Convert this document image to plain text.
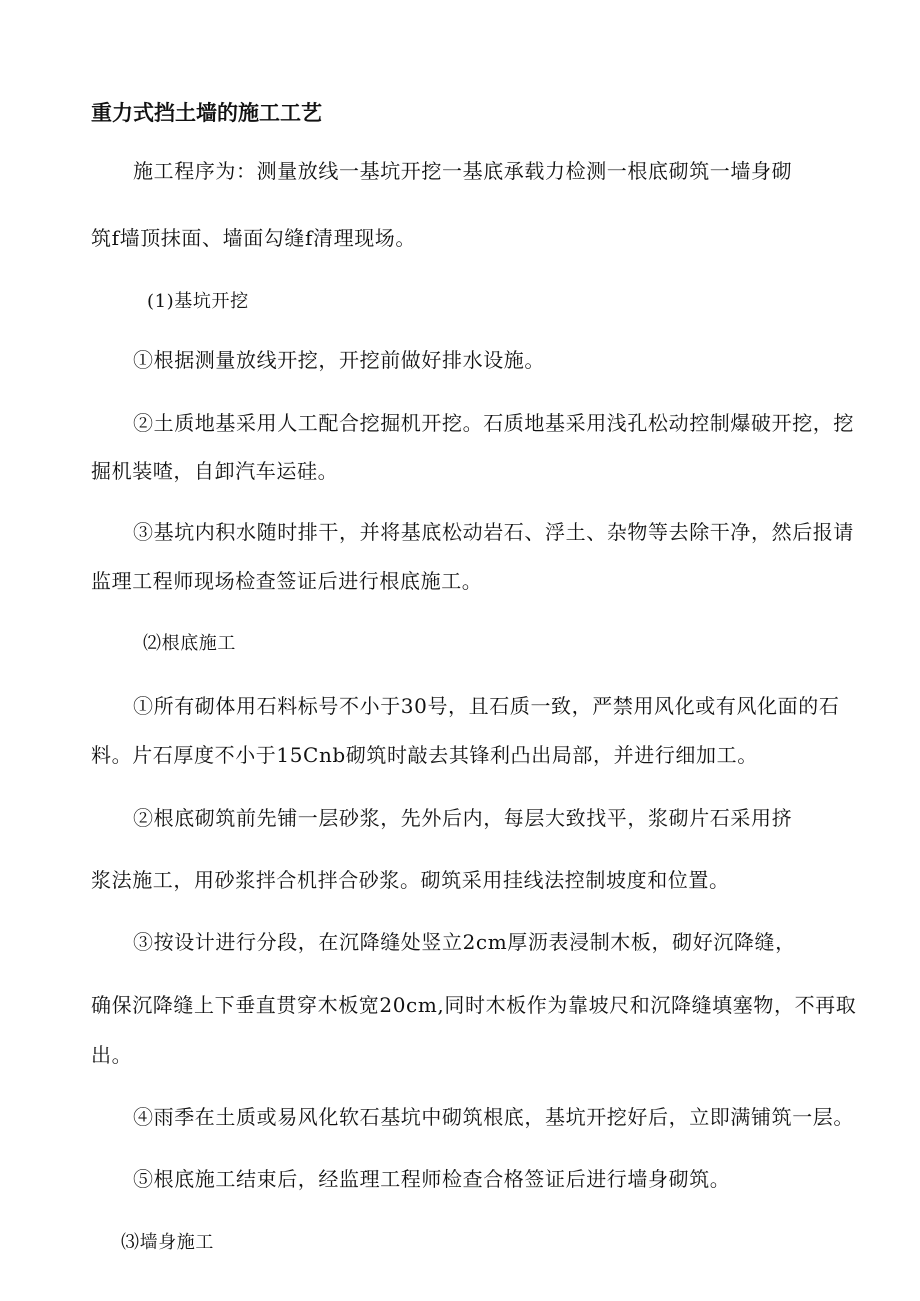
重力式挡土墙的施工工艺
施工程序为：测量放线一基坑开挖一基底承载力检测一根底砌筑一墙身砌
筑f墙顶抹面、墙面勾缝f清理现场。
(1)基坑开挖
①根据测量放线开挖，开挖前做好排水设施。
②土质地基采用人工配合挖掘机开挖。石质地基采用浅孔松动控制爆破开挖，挖
掘机装喳，自卸汽车运硅。
③基坑内积水随时排干，并将基底松动岩石、浮土、杂物等去除干净，然后报请
监理工程师现场检查签证后进行根底施工。
⑵根底施工
①所有砌体用石料标号不小于30号，且石质一致，严禁用风化或有风化面的石
料。片石厚度不小于15Cnb砌筑时敲去其锋利凸出局部，并进行细加工。
②根底砌筑前先铺一层砂浆，先外后内，每层大致找平，浆砌片石采用挤
浆法施工，用砂浆拌合机拌合砂浆。砌筑采用挂线法控制坡度和位置。
③按设计进行分段，在沉降缝处竖立2cm厚沥表浸制木板，砌好沉降缝，
确保沉降缝上下垂直贯穿木板宽20cm,同时木板作为靠坡尺和沉降缝填塞物，不再取
出。
④雨季在土质或易风化软石基坑中砌筑根底，基坑开挖好后，立即满铺筑一层。
⑤根底施工结束后，经监理工程师检查合格签证后进行墙身砌筑。
⑶墙身施工
